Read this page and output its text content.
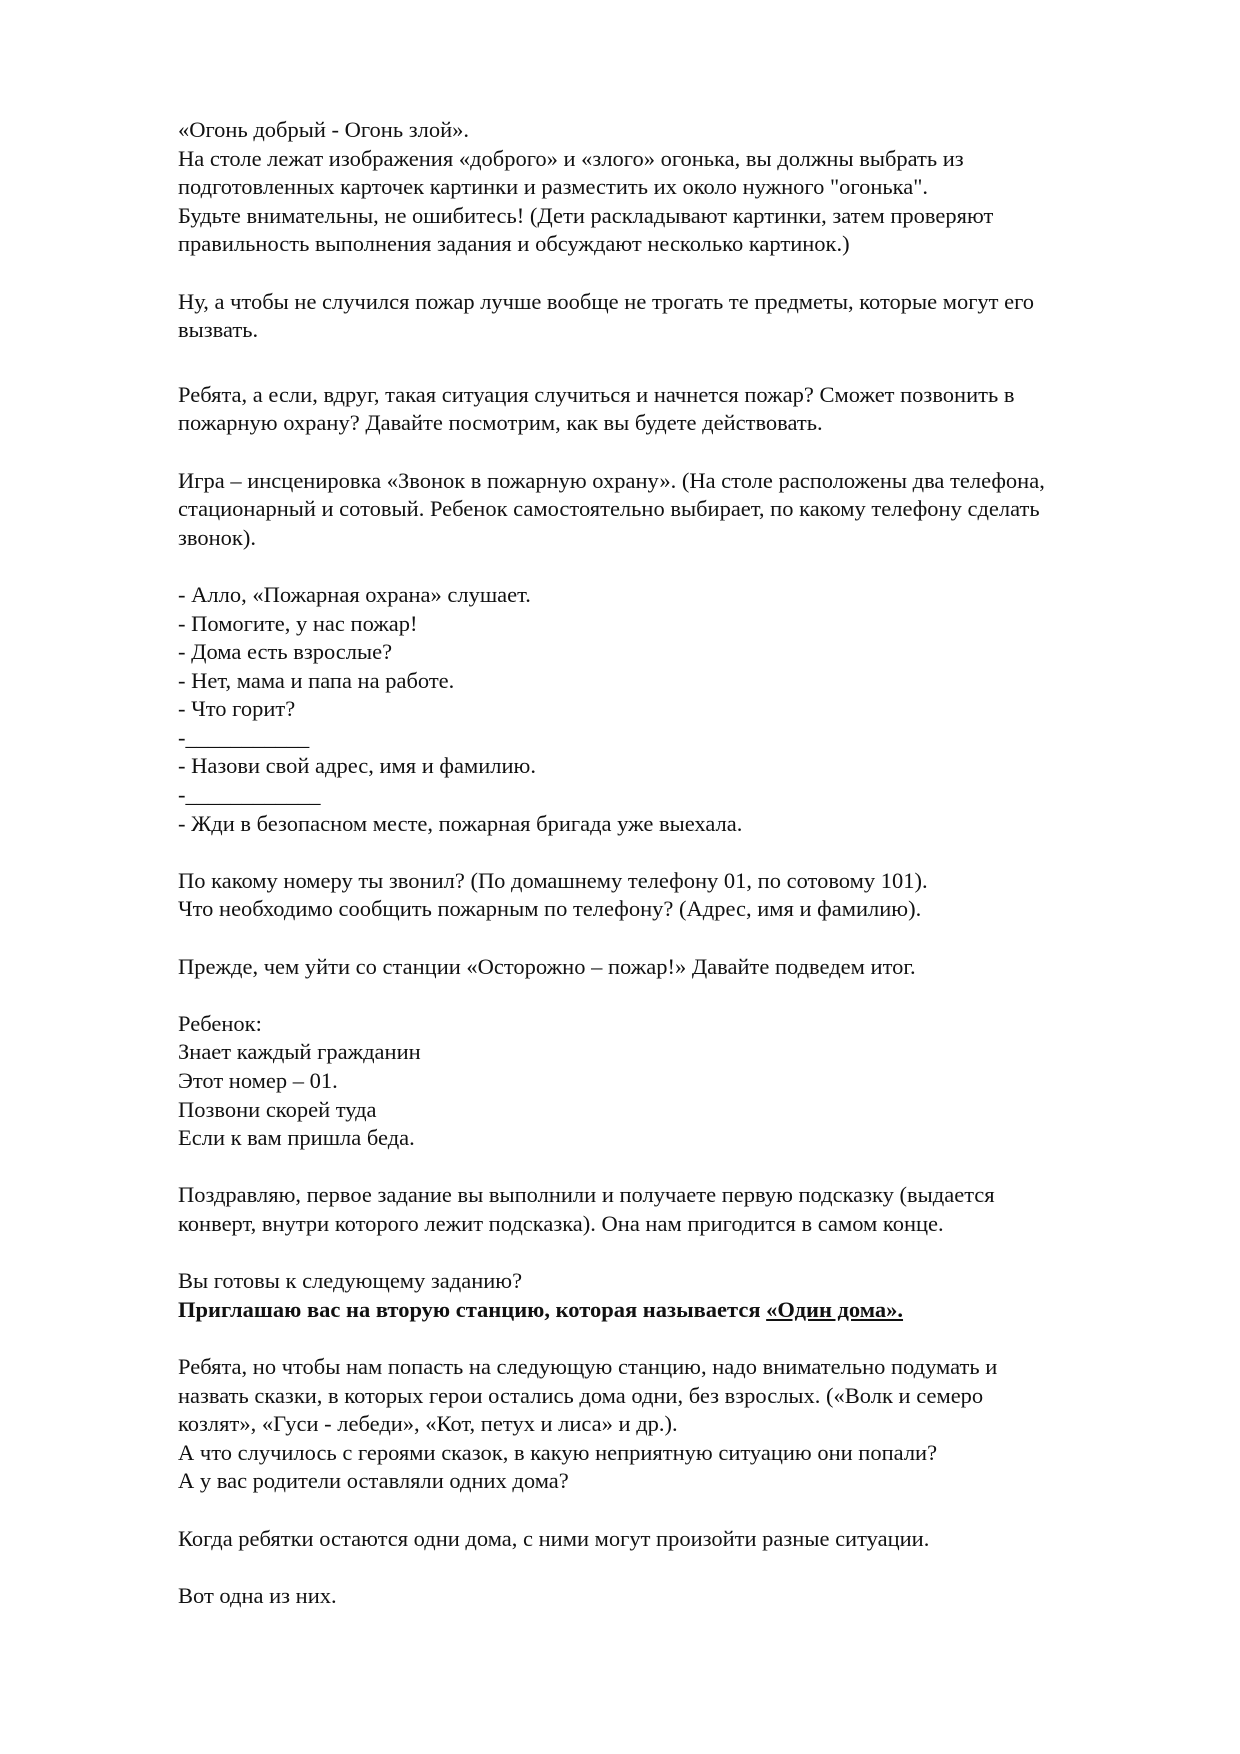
«Огонь добрый - Огонь злой».

На столе лежат изображения «доброго» и «злого» огонька, вы должны выбрать из

подготовленных карточек картинки и разместить их около нужного "огонька".

Будьте внимательны, не ошибитесь! (Дети раскладывают картинки, затем проверяют

правильность выполнения задания и обсуждают несколько картинок.)

Ну, а чтобы не случился пожар лучше вообще не трогать те предметы, которые могут его

вызвать.

Ребята, а если, вдруг, такая ситуация случиться и начнется пожар? Сможет позвонить в

пожарную охрану? Давайте посмотрим, как вы будете действовать.

Игра – инсценировка «Звонок в пожарную охрану». (На столе расположены два телефона,

стационарный и сотовый. Ребенок самостоятельно выбирает, по какому телефону сделать

звонок).

- Алло, «Пожарная охрана» слушает.

- Помогите, у нас пожар!

- Дома есть взрослые?

- Нет, мама и папа на работе.

- Что горит?

-___________

- Назови свой адрес, имя и фамилию.

-____________

- Жди в безопасном месте, пожарная бригада уже выехала.

По какому номеру ты звонил? (По домашнему телефону 01, по сотовому 101).

Что необходимо сообщить пожарным по телефону? (Адрес, имя и фамилию).

Прежде, чем уйти со станции «Осторожно – пожар!» Давайте подведем итог.

Ребенок:

Знает каждый гражданин

Этот номер – 01.

Позвони скорей туда

Если к вам пришла беда.

Поздравляю, первое задание вы выполнили и получаете первую подсказку (выдается

конверт, внутри которого лежит подсказка). Она нам пригодится в самом конце.

Вы готовы к следующему заданию?

Приглашаю вас на вторую станцию, которая называется «Один дома».

Ребята, но чтобы нам попасть на следующую станцию, надо внимательно подумать и

назвать сказки, в которых герои остались дома одни, без взрослых. («Волк и семеро

козлят», «Гуси - лебеди», «Кот, петух и лиса» и др.).

А что случилось с героями сказок, в какую неприятную ситуацию они попали?

А у вас родители оставляли одних дома?

Когда ребятки остаются одни дома, с ними могут произойти разные ситуации.

Вот одна из них.
